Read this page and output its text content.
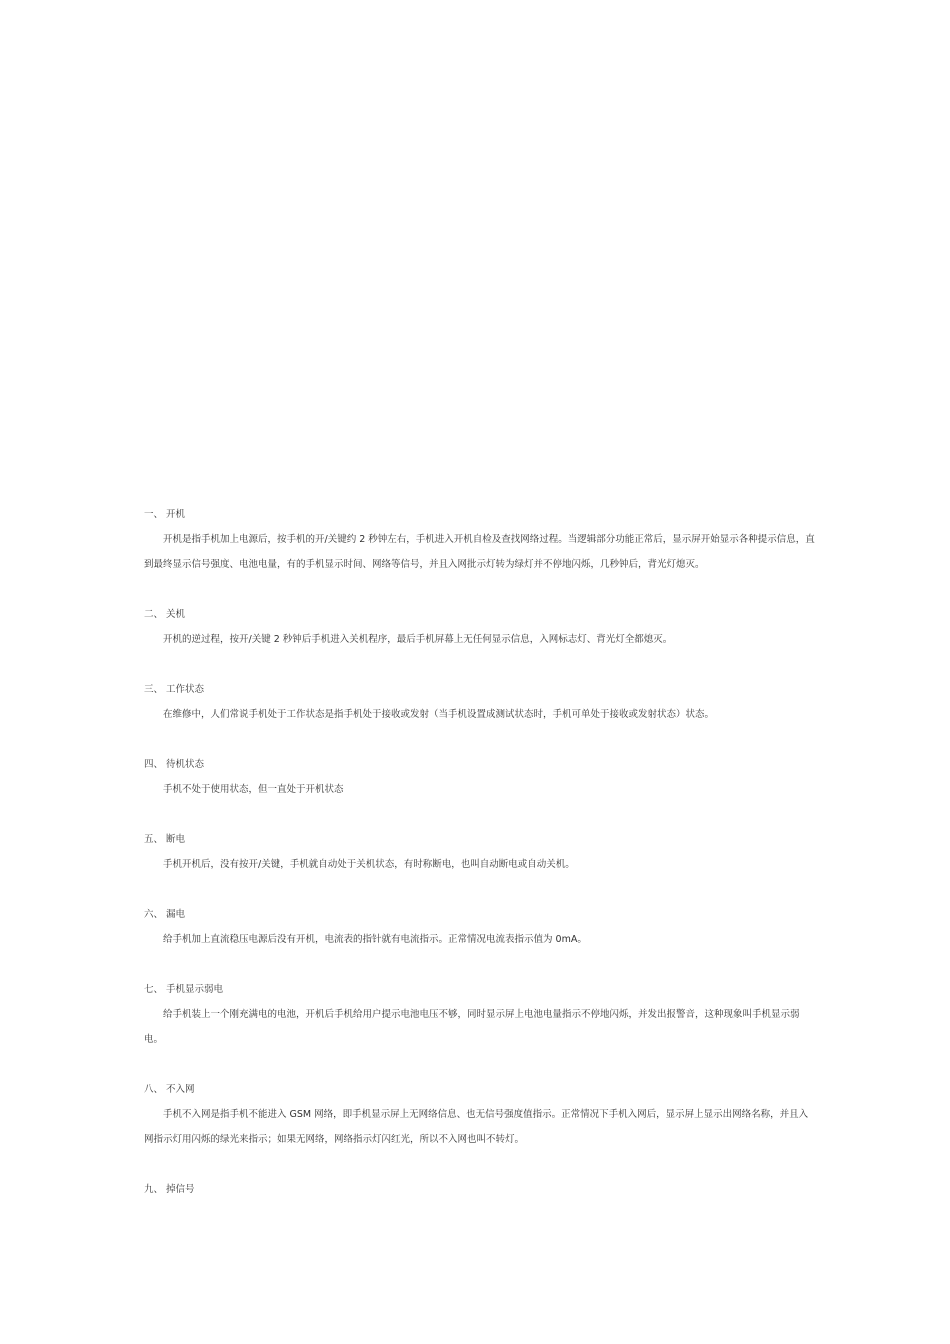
一、 开机

开机是指手机加上电源后，按手机的开/关键约 2 秒钟左右，手机进入开机自检及查找网络过程。当逻辑部分功能正常后，显示屏开始显示各种提示信息，直到最终显示信号强度、电池电量，有的手机显示时间、网络等信号，并且入网批示灯转为绿灯并不停地闪烁，几秒钟后，背光灯熄灭。

二、 关机

开机的逆过程，按开/关键 2 秒钟后手机进入关机程序，最后手机屏幕上无任何显示信息，入网标志灯、背光灯全都熄灭。

三、 工作状态

在维修中，人们常说手机处于工作状态是指手机处于接收或发射（当手机设置成测试状态时，手机可单处于接收或发射状态）状态。

四、 待机状态

手机不处于使用状态，但一直处于开机状态

五、 断电

手机开机后，没有按开/关键，手机就自动处于关机状态，有时称断电，也叫自动断电或自动关机。

六、 漏电

给手机加上直流稳压电源后没有开机，电流表的指针就有电流指示。正常情况电流表指示值为 0mA。

七、 手机显示弱电

给手机装上一个刚充满电的电池，开机后手机给用户提示电池电压不够，同时显示屏上电池电量指示不停地闪烁，并发出报警音，这种现象叫手机显示弱电。

八、 不入网

手机不入网是指手机不能进入 GSM 网络，即手机显示屏上无网络信息、也无信号强度值指示。正常情况下手机入网后，显示屏上显示出网络名称，并且入网指示灯用闪烁的绿光来指示；如果无网络，网络指示灯闪红光，所以不入网也叫不转灯。

九、 掉信号
